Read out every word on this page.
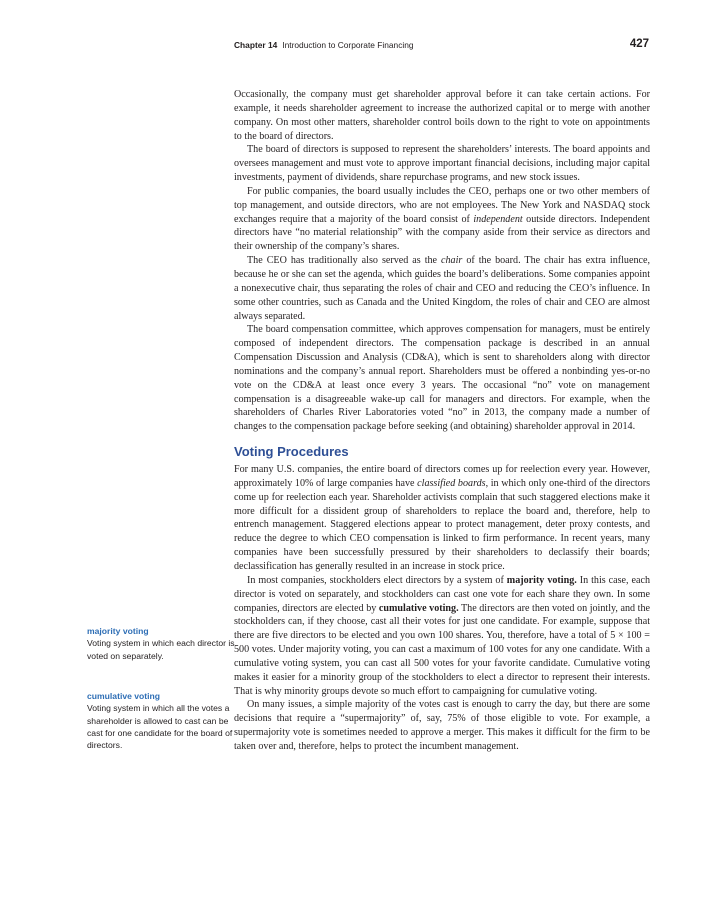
Chapter 14 Introduction to Corporate Financing	427

Occasionally, the company must get shareholder approval before it can take certain actions. For example, it needs shareholder agreement to increase the authorized capital or to merge with another company. On most other matters, shareholder control boils down to the right to vote on appointments to the board of directors.

The board of directors is supposed to represent the shareholders’ interests. The board appoints and oversees management and must vote to approve important financial decisions, including major capital investments, payment of dividends, share repurchase programs, and new stock issues.

For public companies, the board usually includes the CEO, perhaps one or two other members of top management, and outside directors, who are not employees. The New York and NASDAQ stock exchanges require that a majority of the board consist of independent outside directors. Independent directors have “no material relationship” with the company aside from their service as directors and their ownership of the company’s shares.

The CEO has traditionally also served as the chair of the board. The chair has extra influence, because he or she can set the agenda, which guides the board’s deliberations. Some companies appoint a nonexecutive chair, thus separating the roles of chair and CEO and reducing the CEO’s influence. In some other countries, such as Canada and the United Kingdom, the roles of chair and CEO are almost always separated.

The board compensation committee, which approves compensation for managers, must be entirely composed of independent directors. The compensation package is described in an annual Compensation Discussion and Analysis (CD&A), which is sent to shareholders along with director nominations and the company’s annual report. Shareholders must be offered a nonbinding yes-or-no vote on the CD&A at least once every 3 years. The occasional “no” vote on management compensation is a disagreeable wake-up call for managers and directors. For example, when the shareholders of Charles River Laboratories voted “no” in 2013, the company made a number of changes to the compensation package before seeking (and obtaining) shareholder approval in 2014.

Voting Procedures

For many U.S. companies, the entire board of directors comes up for reelection every year. However, approximately 10% of large companies have classified boards, in which only one-third of the directors come up for reelection each year. Shareholder activists complain that such staggered elections make it more difficult for a dissident group of shareholders to replace the board and, therefore, help to entrench management. Staggered elections appear to protect management, deter proxy contests, and reduce the degree to which CEO compensation is linked to firm performance. In recent years, many companies have been successfully pressured by their shareholders to declassify their boards; declassification has generally resulted in an increase in stock price.

In most companies, stockholders elect directors by a system of majority voting. In this case, each director is voted on separately, and stockholders can cast one vote for each share they own. In some companies, directors are elected by cumulative voting. The directors are then voted on jointly, and the stockholders can, if they choose, cast all their votes for just one candidate. For example, suppose that there are five directors to be elected and you own 100 shares. You, therefore, have a total of 5 × 100 = 500 votes. Under majority voting, you can cast a maximum of 100 votes for any one candidate. With a cumulative voting system, you can cast all 500 votes for your favorite candidate. Cumulative voting makes it easier for a minority group of the stockholders to elect a director to represent their interests. That is why minority groups devote so much effort to campaigning for cumulative voting.

On many issues, a simple majority of the votes cast is enough to carry the day, but there are some decisions that require a “supermajority” of, say, 75% of those eligible to vote. For example, a supermajority vote is sometimes needed to approve a merger. This makes it difficult for the firm to be taken over and, therefore, helps to protect the incumbent management.

majority voting
Voting system in which each director is voted on separately.
cumulative voting
Voting system in which all the votes a shareholder is allowed to cast can be cast for one candidate for the board of directors.
